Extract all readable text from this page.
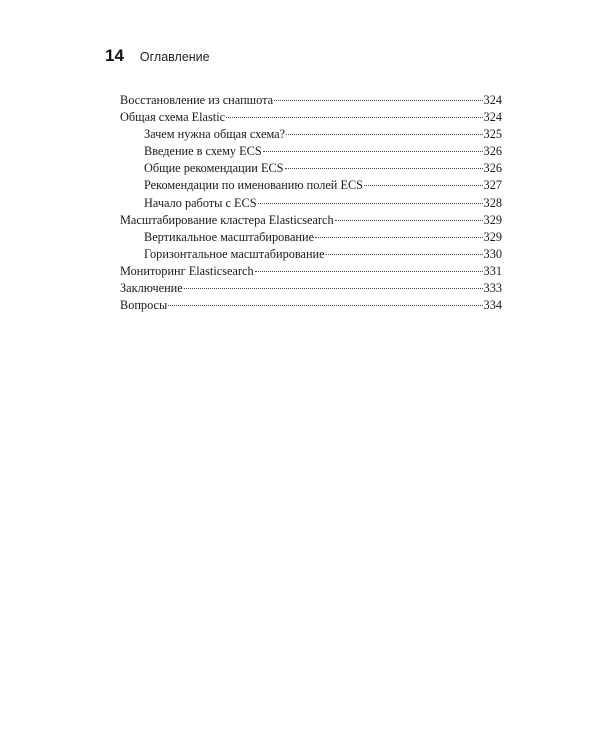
14 Оглавление
Восстановление из снапшота	324
Общая схема Elastic	324
Зачем нужна общая схема?	325
Введение в схему ECS	326
Общие рекомендации ECS	326
Рекомендации по именованию полей ECS	327
Начало работы с ECS	328
Масштабирование кластера Elasticsearch	329
Вертикальное масштабирование	329
Горизонтальное масштабирование	330
Мониторинг Elasticsearch	331
Заключение	333
Вопросы	334
